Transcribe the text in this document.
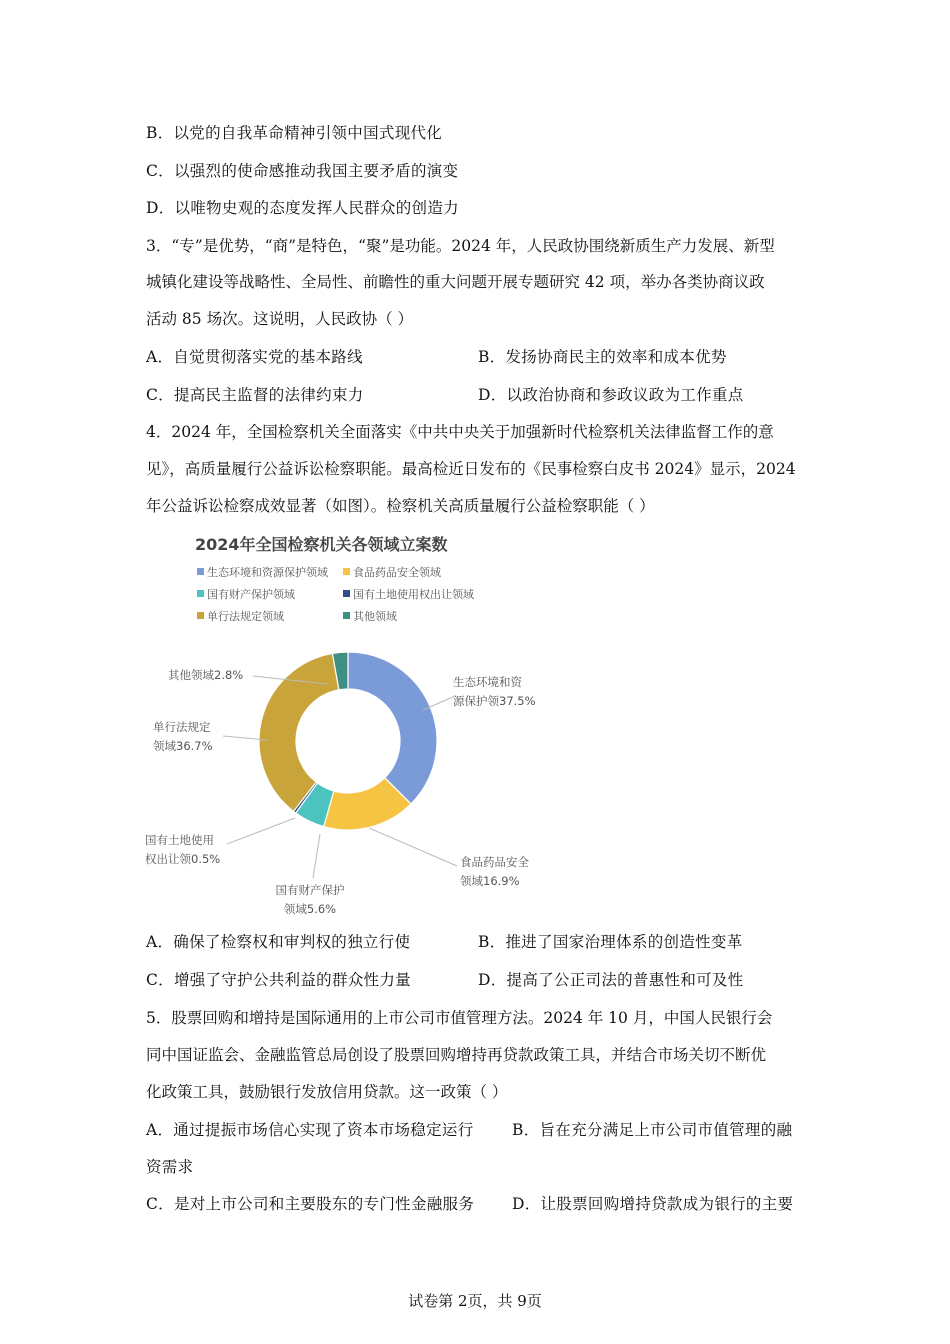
B．以党的自我革命精神引领中国式现代化
C．以强烈的使命感推动我国主要矛盾的演变
D．以唯物史观的态度发挥人民群众的创造力
3．“专”是优势，“商”是特色，“聚”是功能。2024 年，人民政协围绕新质生产力发展、新型
城镇化建设等战略性、全局性、前瞻性的重大问题开展专题研究 42 项，举办各类协商议政
活动 85 场次。这说明，人民政协（ ）
A．自觉贯彻落实党的基本路线	B．发扬协商民主的效率和成本优势
C．提高民主监督的法律约束力	D．以政治协商和参政议政为工作重点
4．2024 年，全国检察机关全面落实《中共中央关于加强新时代检察机关法律监督工作的意
见》，高质量履行公益诉讼检察职能。最高检近日发布的《民事检察白皮书 2024》显示，2024
年公益诉讼检察成效显著（如图）。检察机关高质量履行公益检察职能（ ）
2024年全国检察机关各领域立案数
生态环境和资源保护领域 食品药品安全领域
国有财产保护领域	国有土地使用权出让领域
单行法规定领域	其他领域
生态环境和资
源保护领37.5%
食品药品安全
领域16.9%
国有财产保护
领域5.6%
国有土地使用
权出让领0.5%
单行法规定
领域36.7%
其他领域2.8%
A．确保了检察权和审判权的独立行使	B．推进了国家治理体系的创造性变革
C．增强了守护公共利益的群众性力量	D．提高了公正司法的普惠性和可及性
5．股票回购和增持是国际通用的上市公司市值管理方法。2024 年 10 月，中国人民银行会
同中国证监会、金融监管总局创设了股票回购增持再贷款政策工具，并结合市场关切不断优
化政策工具，鼓励银行发放信用贷款。这一政策（ ）
A．通过提振市场信心实现了资本市场稳定运行 B．旨在充分满足上市公司市值管理的融
资需求
C．是对上市公司和主要股东的专门性金融服务 D．让股票回购增持贷款成为银行的主要
试卷第 2页，共 9页
